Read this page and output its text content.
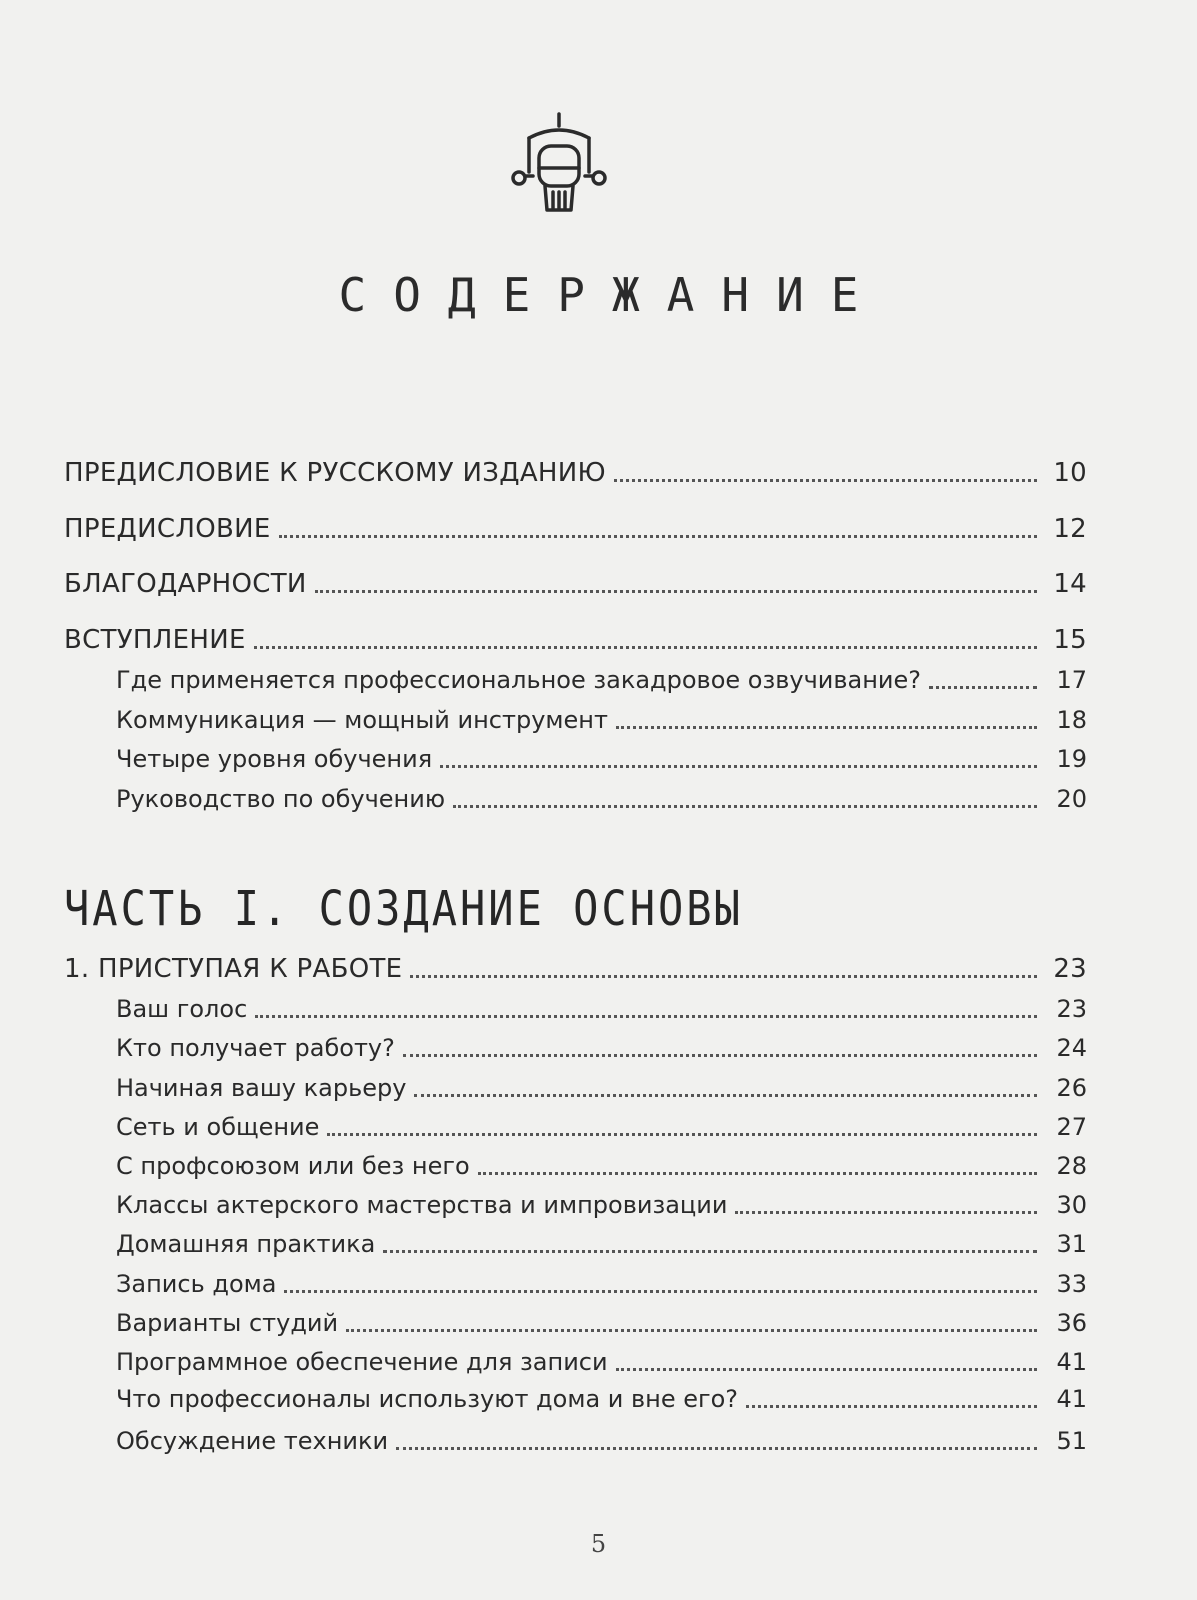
СОДЕРЖАНИЕ
ПРЕДИСЛОВИЕ К РУССКОМУ ИЗДАНИЮ	10
ПРЕДИСЛОВИЕ	12
БЛАГОДАРНОСТИ	14
ВСТУПЛЕНИЕ	15
Где применяется профессиональное закадровое озвучивание?	17
Коммуникация — мощный инструмент	18
Четыре уровня обучения	19
Руководство по обучению	20
ЧАСТЬ I. СОЗДАНИЕ ОСНОВЫ
1. ПРИСТУПАЯ К РАБОТЕ	23
Ваш голос	23
Кто получает работу?	24
Начиная вашу карьеру	26
Сеть и общение	27
С профсоюзом или без него	28
Классы актерского мастерства и импровизации	30
Домашняя практика	31
Запись дома	33
Варианты студий	36
Программное обеспечение для записи	41
Что профессионалы используют дома и вне его?	41
Обсуждение техники	51
5
